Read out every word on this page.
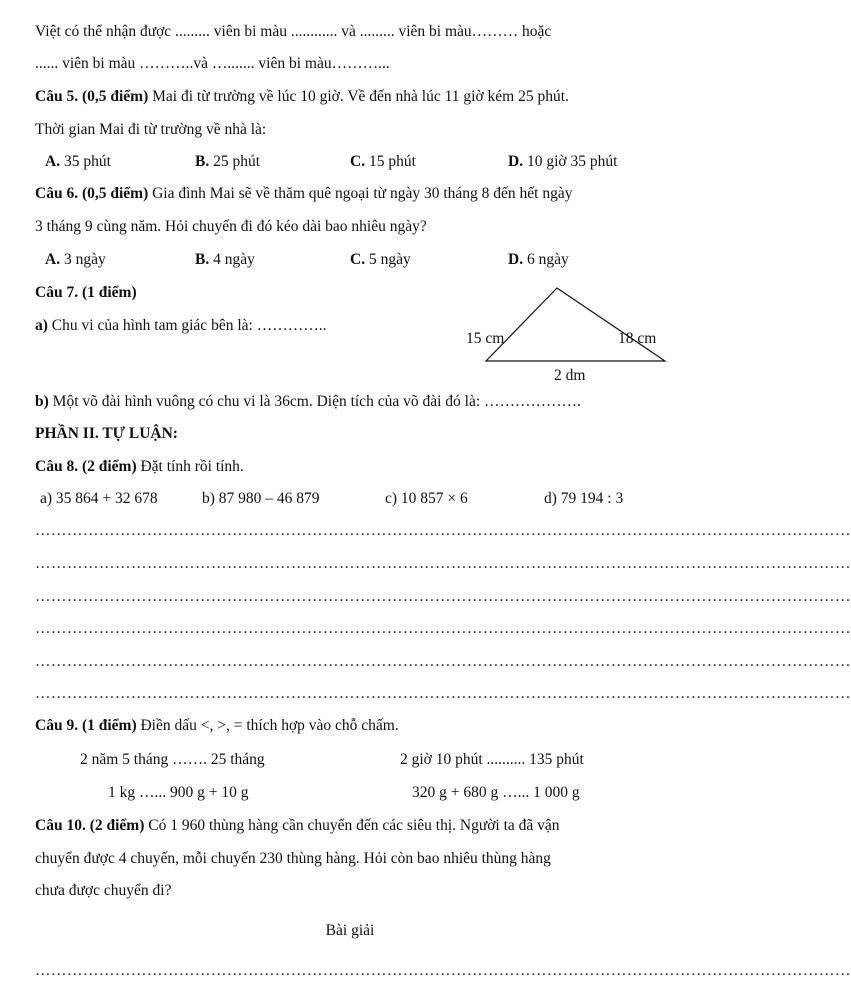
Việt có thể nhận được ......... viên bi màu ............ và ......... viên bi màu……… hoặc
...... viên bi màu ………..và …....... viên bi màu………...
Câu 5. (0,5 điểm) Mai đi từ trường về lúc 10 giờ. Về đến nhà lúc 11 giờ kém 25 phút.
Thời gian Mai đi từ trường về nhà là:
A. 35 phút	B. 25 phút	C. 15 phút	D. 10 giờ 35 phút
Câu 6. (0,5 điểm) Gia đình Mai sẽ về thăm quê ngoại từ ngày 30 tháng 8 đến hết ngày
3 tháng 9 cùng năm. Hỏi chuyến đi đó kéo dài bao nhiêu ngày?
A. 3 ngày	B. 4 ngày	C. 5 ngày	D. 6 ngày
Câu 7. (1 điểm)
a) Chu vi của hình tam giác bên là: …………..
15 cm	18 cm
2 dm
b) Một võ đài hình vuông có chu vi là 36cm. Diện tích của võ đài đó là: ……………….
PHẦN II. TỰ LUẬN:
Câu 8. (2 điểm) Đặt tính rồi tính.
a) 35 864 + 32 678	b) 87 980 – 46 879	c) 10 857 × 6	d) 79 194 : 3
………………………………………………………………………………………………………………………………………
………………………………………………………………………………………………………………………………………
………………………………………………………………………………………………………………………………………
………………………………………………………………………………………………………………………………………
………………………………………………………………………………………………………………………………………
………………………………………………………………………………………………………………………………………
Câu 9. (1 điểm) Điền dấu <, >, = thích hợp vào chỗ chấm.
2 năm 5 tháng ……. 25 tháng	2 giờ 10 phút .......... 135 phút
1 kg …... 900 g + 10 g	320 g + 680 g …... 1 000 g
Câu 10. (2 điểm) Có 1 960 thùng hàng cần chuyển đến các siêu thị. Người ta đã vận
chuyển được 4 chuyến, mỗi chuyến 230 thùng hàng. Hỏi còn bao nhiêu thùng hàng
chưa được chuyển đi?
Bài giải
………………………………………………………………………………………………………………………………………
